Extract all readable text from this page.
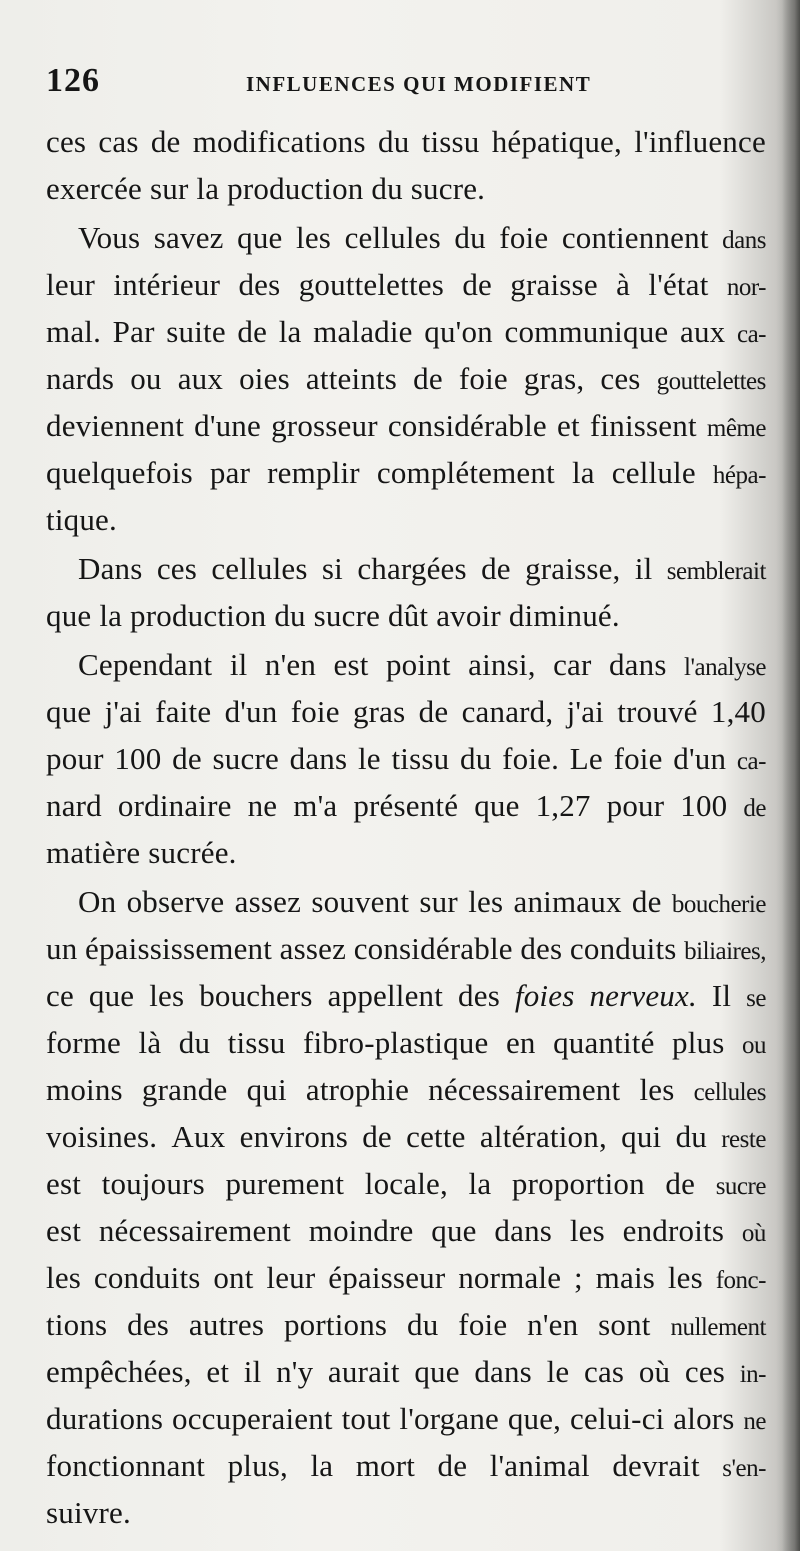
126	INFLUENCES QUI MODIFIENT
ces cas de modifications du tissu hépatique, l'influence
exercée sur la production du sucre.
Vous savez que les cellules du foie contiennent dans
leur intérieur des gouttelettes de graisse à l'état nor-
mal. Par suite de la maladie qu'on communique aux ca-
nards ou aux oies atteints de foie gras, ces gouttelettes
deviennent d'une grosseur considérable et finissent même
quelquefois par remplir complétement la cellule hépa-
tique.
Dans ces cellules si chargées de graisse, il semblerait
que la production du sucre dût avoir diminué.
Cependant il n'en est point ainsi, car dans l'analyse
que j'ai faite d'un foie gras de canard, j'ai trouvé 1,40
pour 100 de sucre dans le tissu du foie. Le foie d'un ca-
nard ordinaire ne m'a présenté que 1,27 pour 100 de
matière sucrée.
On observe assez souvent sur les animaux de boucherie
un épaississement assez considérable des conduits biliaires,
ce que les bouchers appellent des foies nerveux. Il se
forme là du tissu fibro-plastique en quantité plus ou
moins grande qui atrophie nécessairement les cellules
voisines. Aux environs de cette altération, qui du reste
est toujours purement locale, la proportion de sucre
est nécessairement moindre que dans les endroits où
les conduits ont leur épaisseur normale ; mais les fonc-
tions des autres portions du foie n'en sont nullement
empêchées, et il n'y aurait que dans le cas où ces in-
durations occuperaient tout l'organe que, celui-ci alors ne
fonctionnant plus, la mort de l'animal devrait s'en-
suivre.
